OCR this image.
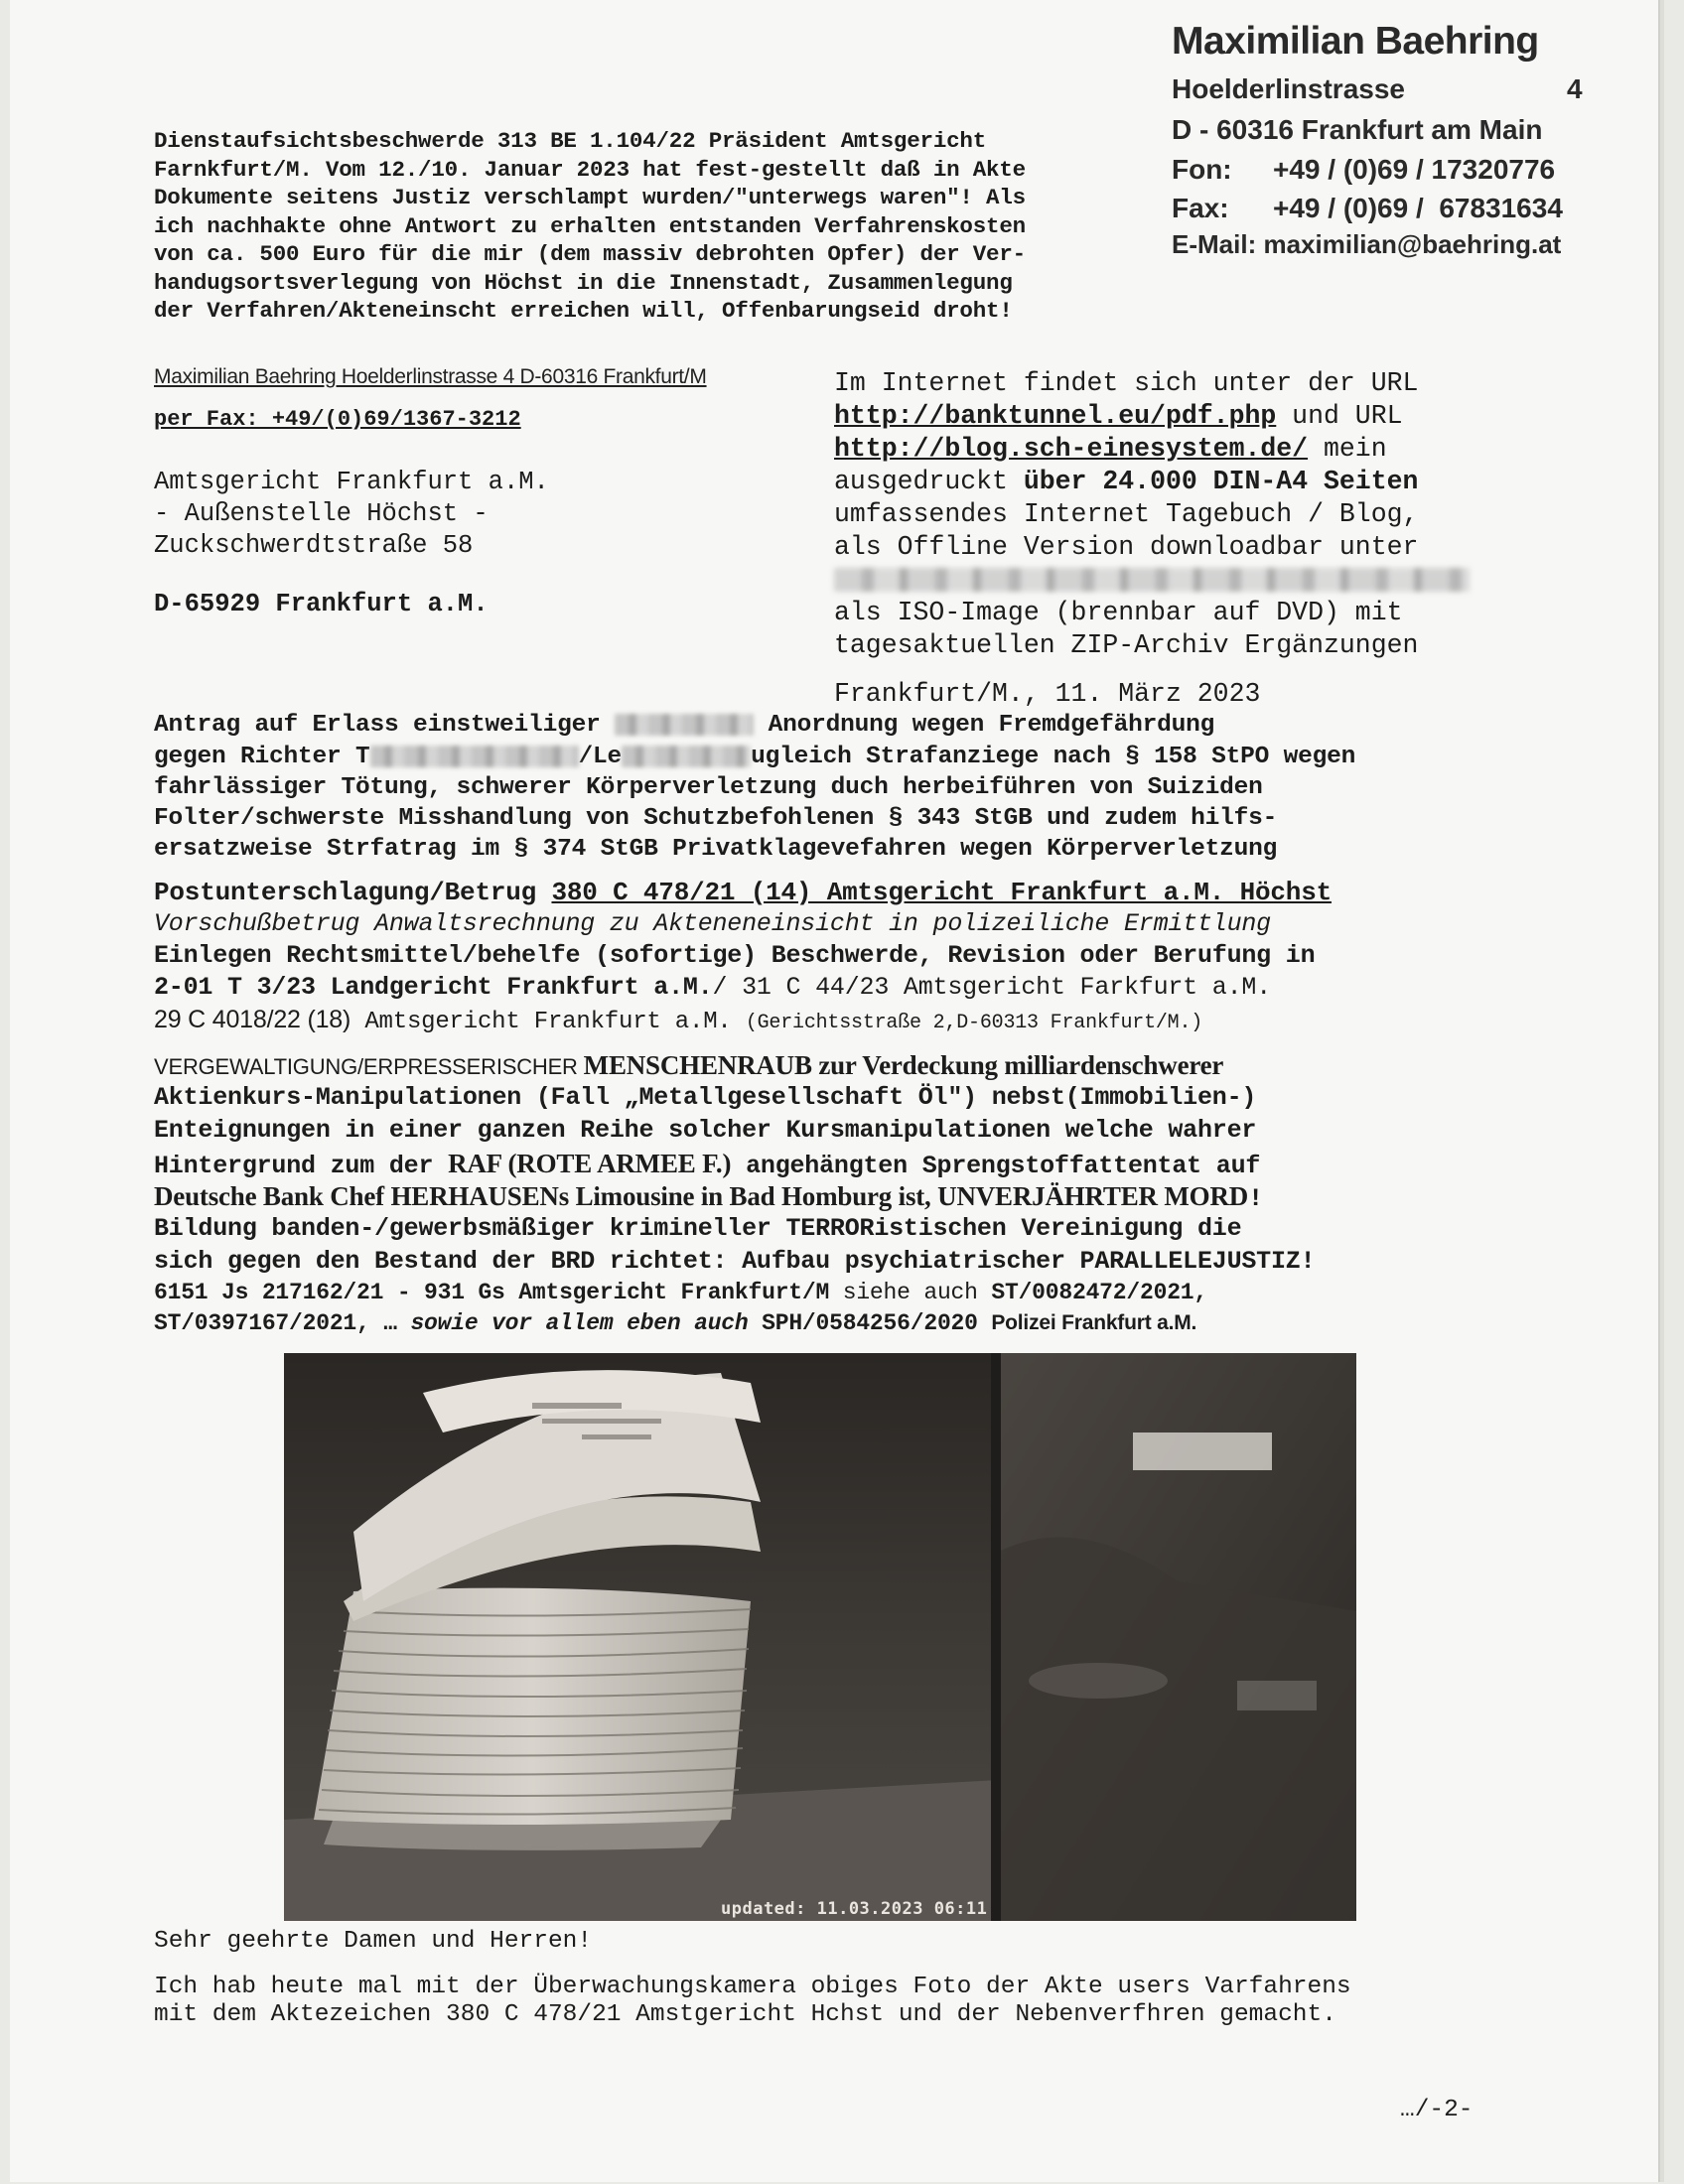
Maximilian Baehring
Hoelderlinstrasse	4
D - 60316 Frankfurt am Main
Fon: +49 / (0)69 / 17320776
Fax: +49 / (0)69 /  67831634
E-Mail: maximilian@baehring.at
Dienstaufsichtsbeschwerde 313 BE 1.104/22 Präsident Amtsgericht
Farnkfurt/M. Vom 12./10. Januar 2023 hat fest-gestellt daß in Akte
Dokumente seitens Justiz verschlampt wurden/"unterwegs waren"! Als
ich nachhakte ohne Antwort zu erhalten entstanden Verfahrenskosten
von ca. 500 Euro für die mir (dem massiv debrohten Opfer) der Ver-
handugsortsverlegung von Höchst in die Innenstadt, Zusammenlegung
der Verfahren/Akteneinscht erreichen will, Offenbarungseid droht!
Maximilian Baehring Hoelderlinstrasse 4 D-60316 Frankfurt/M
per Fax: +49/(0)69/1367-3212
Amtsgericht Frankfurt a.M.
- Außenstelle Höchst -
Zuckschwerdtstraße 58
D-65929 Frankfurt a.M.
Im Internet findet sich unter der URL
http://banktunnel.eu/pdf.php und URL
http://blog.sch-einesystem.de/ mein
ausgedruckt über 24.000 DIN-A4 Seiten
umfassendes Internet Tagebuch / Blog,
als Offline Version downloadbar unter
als ISO-Image (brennbar auf DVD) mit
tagesaktuellen ZIP-Archiv Ergänzungen
Frankfurt/M., 11. März 2023
Antrag auf Erlass einstweiliger	Anordnung wegen Fremdgefährdung
gegen Richter T	/Le	ugleich Strafanziege nach § 158 StPO wegen
fahrlässiger Tötung, schwerer Körperverletzung duch herbeiführen von Suiziden
Folter/schwerste Misshandlung von Schutzbefohlenen § 343 StGB und zudem hilfs-
ersatzweise Strfatrag im § 374 StGB Privatklagevefahren wegen Körperverletzung
Postunterschlagung/Betrug 380 C 478/21 (14) Amtsgericht Frankfurt a.M. Höchst
Vorschußbetrug Anwaltsrechnung zu Akteneneinsicht in polizeiliche Ermittlung
Einlegen Rechtsmittel/behelfe (sofortige) Beschwerde, Revision oder Berufung in
2-01 T 3/23 Landgericht Frankfurt a.M./ 31 C 44/23 Amtsgericht Farkfurt a.M.
29 C 4018/22 (18) Amtsgericht Frankfurt a.M. (Gerichtsstraße 2,D-60313 Frankfurt/M.)
VERGEWALTIGUNG/ERPRESSERISCHER MENSCHENRAUB zur Verdeckung milliardenschwerer
Aktienkurs-Manipulationen (Fall „Metallgesellschaft Öl") nebst(Immobilien-)
Enteignungen in einer ganzen Reihe solcher Kursmanipulationen welche wahrer
Hintergrund zum der RAF (ROTE ARMEE F.) angehängten Sprengstoffattentat auf
Deutsche Bank Chef HERHAUSENs Limousine in Bad Homburg ist, UNVERJÄHRTER MORD!
Bildung banden-/gewerbsmäßiger krimineller TERRORistischen Vereinigung die
sich gegen den Bestand der BRD richtet: Aufbau psychiatrischer PARALLELEJUSTIZ!
6151 Js 217162/21 - 931 Gs Amtsgericht Frankfurt/M siehe auch ST/0082472/2021,
ST/0397167/2021, … sowie vor allem eben auch SPH/0584256/2020 Polizei Frankfurt a.M.
updated: 11.03.2023 06:11
Sehr geehrte Damen und Herren!
Ich hab heute mal mit der Überwachungskamera obiges Foto der Akte users Varfahrens
mit dem Aktezeichen 380 C 478/21 Amstgericht Hchst und der Nebenverfhren gemacht.
…/-2-
